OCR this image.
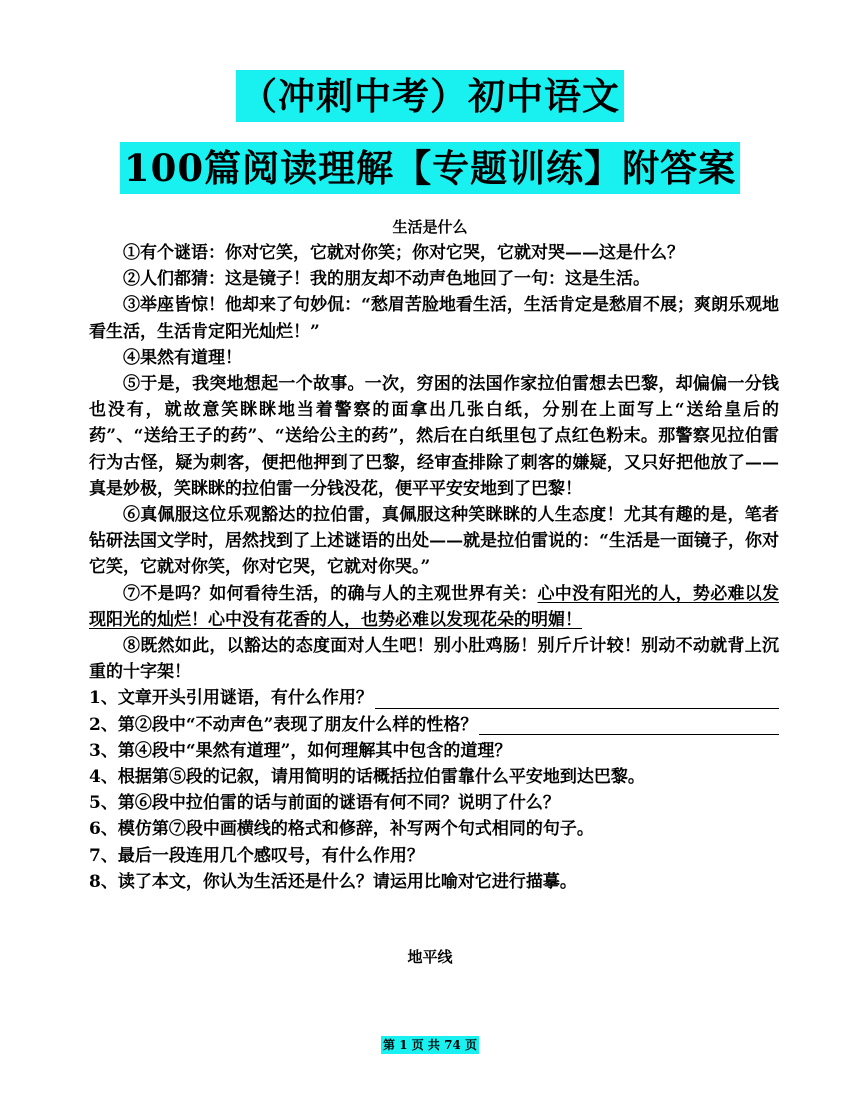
（冲刺中考）初中语文
100篇阅读理解【专题训练】附答案
生活是什么

①有个谜语：你对它笑，它就对你笑；你对它哭，它就对哭——这是什么？

②人们都猜：这是镜子！我的朋友却不动声色地回了一句：这是生活。

③举座皆惊！他却来了句妙侃：“愁眉苦脸地看生活，生活肯定是愁眉不展；爽朗乐观地看生活，生活肯定阳光灿烂！”

④果然有道理！

⑤于是，我突地想起一个故事。一次，穷困的法国作家拉伯雷想去巴黎，却偏偏一分钱也没有，就故意笑眯眯地当着警察的面拿出几张白纸，分别在上面写上“送给皇后的药”、“送给王子的药”、“送给公主的药”，然后在白纸里包了点红色粉末。那警察见拉伯雷行为古怪，疑为刺客，便把他押到了巴黎，经审查排除了刺客的嫌疑，又只好把他放了——真是妙极，笑眯眯的拉伯雷一分钱没花，便平平安安地到了巴黎！

⑥真佩服这位乐观豁达的拉伯雷，真佩服这种笑眯眯的人生态度！尤其有趣的是，笔者钻研法国文学时，居然找到了上述谜语的出处——就是拉伯雷说的：“生活是一面镜子，你对它笑，它就对你笑，你对它哭，它就对你哭。”

⑦不是吗？如何看待生活，的确与人的主观世界有关：心中没有阳光的人，势必难以发现阳光的灿烂！心中没有花香的人，也势必难以发现花朵的明媚！

⑧既然如此，以豁达的态度面对人生吧！别小肚鸡肠！别斤斤计较！别动不动就背上沉重的十字架！

1、文章开头引用谜语，有什么作用？

2、第②段中“不动声色”表现了朋友什么样的性格？

3、第④段中“果然有道理”，如何理解其中包含的道理？

4、根据第⑤段的记叙，请用简明的话概括拉伯雷靠什么平安地到达巴黎。

5、第⑥段中拉伯雷的话与前面的谜语有何不同？说明了什么？

6、模仿第⑦段中画横线的格式和修辞，补写两个句式相同的句子。

7、最后一段连用几个感叹号，有什么作用？

8、读了本文，你认为生活还是什么？请运用比喻对它进行描摹。

地平线
第 1 页 共 74 页
